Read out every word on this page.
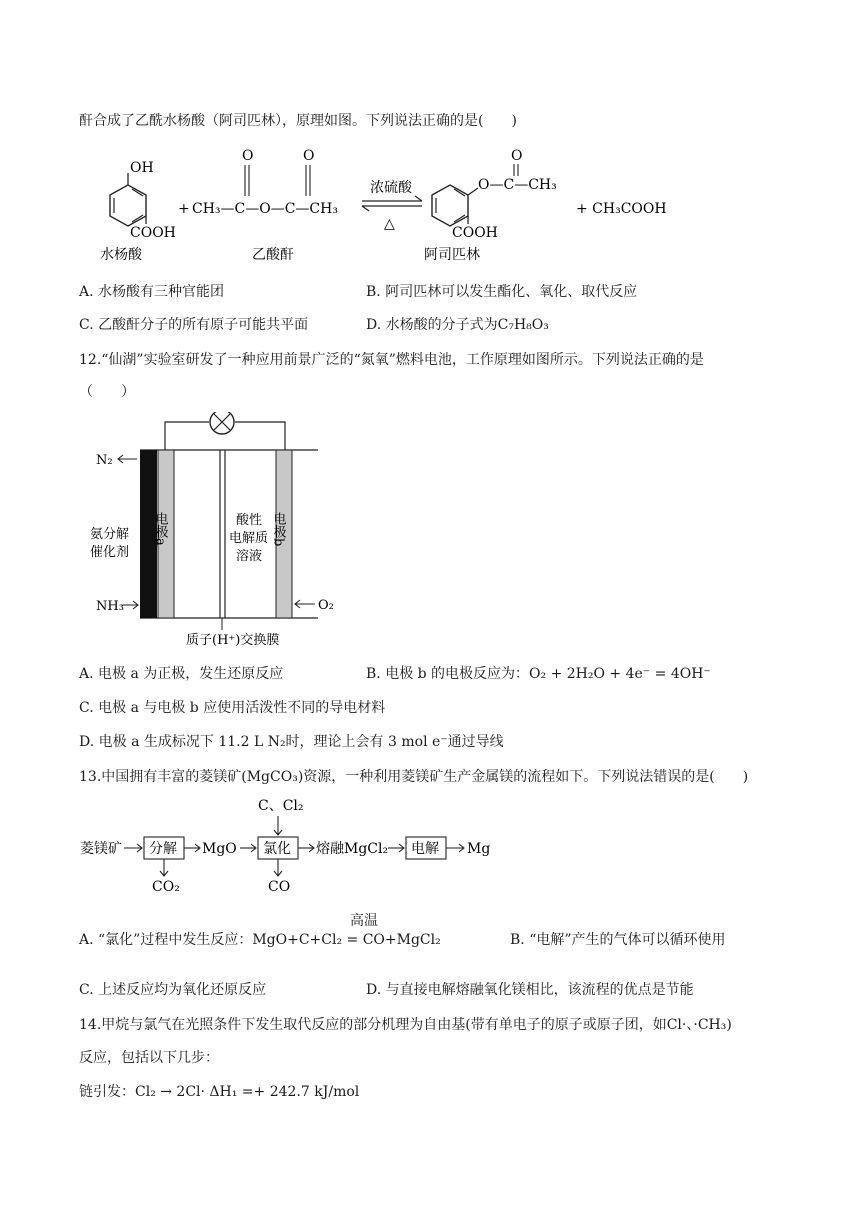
酐合成了乙酰水杨酸（阿司匹林），原理如图。下列说法正确的是(　　)
OH
COOH
水杨酸
+ CH₃—C—O—C—CH₃
O	O
乙酸酐
浓硫酸
△
O—C—CH₃
O
COOH
阿司匹林
+ CH₃COOH
A. 水杨酸有三种官能团	B. 阿司匹林可以发生酯化、氧化、取代反应
C. 乙酸酐分子的所有原子可能共平面	D. 水杨酸的分子式为C₇H₈O₃
12.“仙湖”实验室研发了一种应用前景广泛的“氮氧”燃料电池，工作原理如图所示。下列说法正确的是
（　　）
N₂
NH₃	O₂
氨分解
催化剂
电极a	电极b
酸性
电解质
溶液
质子(H⁺)交换膜
A. 电极 a 为正极，发生还原反应	B. 电极 b 的电极反应为：O₂ + 2H₂O + 4e⁻ = 4OH⁻
C. 电极 a 与电极 b 应使用活泼性不同的导电材料
D. 电极 a 生成标况下 11.2 L N₂时，理论上会有 3 mol e⁻通过导线
13.中国拥有丰富的菱镁矿(MgCO₃)资源，一种利用菱镁矿生产金属镁的流程如下。下列说法错误的是(　　)
菱镁矿 分解 MgO 氯化 熔融MgCl₂ 电解 Mg
C、Cl₂
CO₂	CO
高温
A. “氯化”过程中发生反应：MgO+C+Cl₂ = CO+MgCl₂	B. “电解”产生的气体可以循环使用
C. 上述反应均为氧化还原反应	D. 与直接电解熔融氧化镁相比，该流程的优点是节能
14.甲烷与氯气在光照条件下发生取代反应的部分机理为自由基(带有单电子的原子或原子团，如Cl·、·CH₃)
反应，包括以下几步：
链引发：Cl₂ → 2Cl· ΔH₁ =+ 242.7 kJ/mol
